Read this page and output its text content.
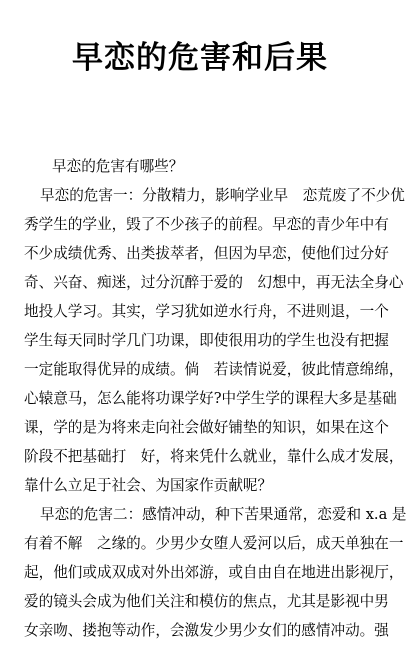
早恋的危害和后果
早恋的危害有哪些？
早恋的危害一：分散精力，影响学业早　恋荒废了不少优
秀学生的学业，毁了不少孩子的前程。早恋的青少年中有
不少成绩优秀、出类拔萃者，但因为早恋，使他们过分好
奇、兴奋、痴迷，过分沉醉于爱的　幻想中，再无法全身心
地投人学习。其实，学习犹如逆水行舟，不进则退，一个
学生每天同时学几门功课，即使很用功的学生也没有把握
一定能取得优异的成绩。倘　若读情说爱，彼此情意绵绵，
心辕意马，怎么能将功课学好?中学生学的课程大多是基础
课，学的是为将来走向社会做好铺垫的知识，如果在这个
阶段不把基础打　好，将来凭什么就业，靠什么成才发展，
靠什么立足于社会、为国家作贡献呢？
早恋的危害二：感情冲动，种下苦果通常，恋爱和 x.a 是
有着不解　之缘的。少男少女堕人爱河以后，成天单独在一
起，他们或成双成对外出郊游，或自由自在地进出影视厅，
爱的镜头会成为他们关注和模仿的焦点，尤其是影视中男
女亲吻、搂抱等动作，会激发少男少女们的感情冲动。强
